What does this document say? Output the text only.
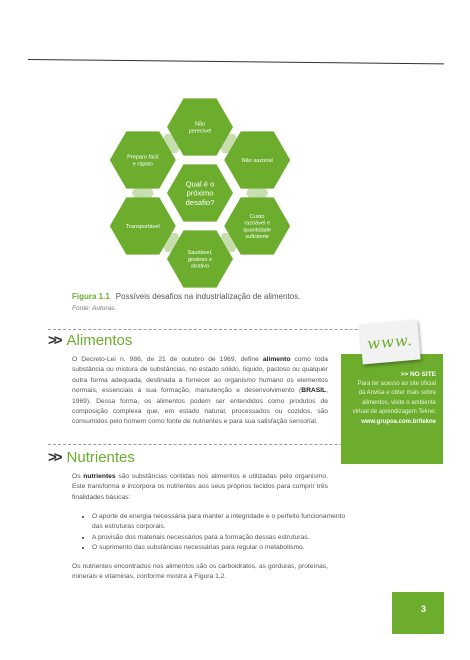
Não
perecível
Não sazonal
Custo
razoável e
quantidade
suficiente
Saudável,
gostoso e
atrativo
Transportável
Preparo fácil
e rápido
Qual é o
próximo
desafio?
Figura 1.1 Possíveis desafios na industrialização de alimentos.
Fonte: Autoras.
>> Alimentos
O Decreto-Lei n. 986, de 21 de outubro de 1969, define alimento como toda substância ou mistura de substâncias, no estado sólido, líquido, pastoso ou qualquer outra forma adequada, destinada a fornecer ao organismo humano os elementos normais, essenciais a sua formação, manutenção e desenvolvimento (BRASIL, 1969). Dessa forma, os alimentos podem ser entendidos como produtos de composição complexa que, em estado natural, processados ou cozidos, são consumidos pelo homem como fonte de nutrientes e para sua satisfação sensorial.
>> Nutrientes
Os nutrientes são substâncias contidas nos alimentos e utilizadas pelo organismo. Este transforma e incorpora os nutrientes aos seus próprios tecidos para cumprir três finalidades básicas:
• O aporte de energia necessária para manter a integridade e o perfeito funcionamento das estruturas corporais.
• A provisão dos materiais necessários para a formação dessas estruturas.
• O suprimento das substâncias necessárias para regular o metabolismo.
Os nutrientes encontrados nos alimentos são os carboidratos, as gorduras, proteínas, minerais e vitaminas, conforme mostra a Figura 1.2.
www.
>> NO SITE
Para ter acesso ao site oficial da Anvisa e obter mais sobre alimentos, visite o ambiente virtual de aprendizagem Tekne:
www.grupoa.com.br/tekne
3
